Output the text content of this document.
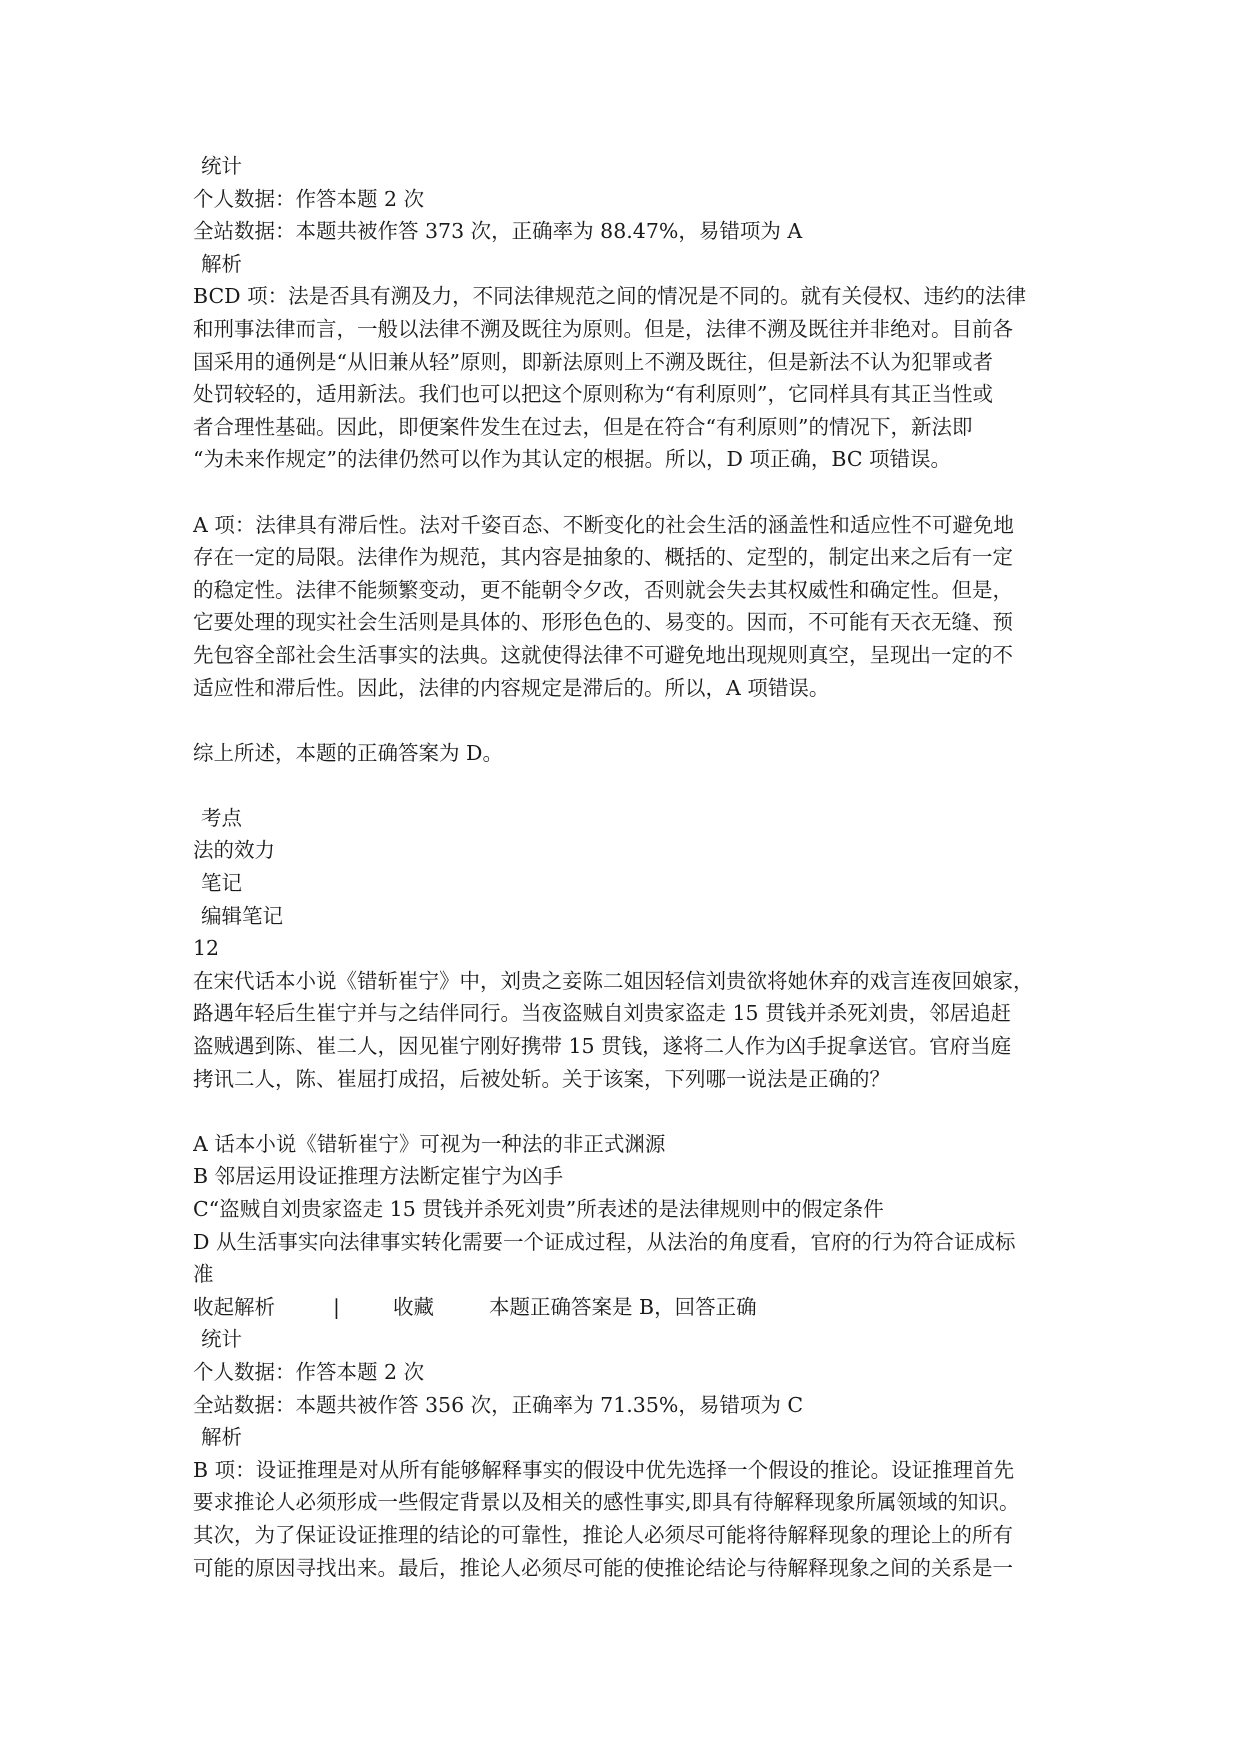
统计
个人数据：作答本题 2 次
全站数据：本题共被作答 373 次，正确率为 88.47%，易错项为 A
解析
BCD 项：法是否具有溯及力，不同法律规范之间的情况是不同的。就有关侵权、违约的法律
和刑事法律而言，一般以法律不溯及既往为原则。但是，法律不溯及既往并非绝对。目前各
国采用的通例是“从旧兼从轻”原则，即新法原则上不溯及既往，但是新法不认为犯罪或者
处罚较轻的，适用新法。我们也可以把这个原则称为“有利原则”，它同样具有其正当性或
者合理性基础。因此，即便案件发生在过去，但是在符合“有利原则”的情况下，新法即
“为未来作规定”的法律仍然可以作为其认定的根据。所以，D 项正确，BC 项错误。
A 项：法律具有滞后性。法对千姿百态、不断变化的社会生活的涵盖性和适应性不可避免地
存在一定的局限。法律作为规范，其内容是抽象的、概括的、定型的，制定出来之后有一定
的稳定性。法律不能频繁变动，更不能朝令夕改，否则就会失去其权威性和确定性。但是，
它要处理的现实社会生活则是具体的、形形色色的、易变的。因而，不可能有天衣无缝、预
先包容全部社会生活事实的法典。这就使得法律不可避免地出现规则真空，呈现出一定的不
适应性和滞后性。因此，法律的内容规定是滞后的。所以，A 项错误。
综上所述，本题的正确答案为 D。
考点
法的效力
笔记
编辑笔记
12
在宋代话本小说《错斩崔宁》中，刘贵之妾陈二姐因轻信刘贵欲将她休弃的戏言连夜回娘家，
路遇年轻后生崔宁并与之结伴同行。当夜盗贼自刘贵家盗走 15 贯钱并杀死刘贵，邻居追赶
盗贼遇到陈、崔二人，因见崔宁刚好携带 15 贯钱，遂将二人作为凶手捉拿送官。官府当庭
拷讯二人，陈、崔屈打成招，后被处斩。关于该案，下列哪一说法是正确的？
A 话本小说《错斩崔宁》可视为一种法的非正式渊源
B 邻居运用设证推理方法断定崔宁为凶手
C“盗贼自刘贵家盗走 15 贯钱并杀死刘贵”所表述的是法律规则中的假定条件
D 从生活事实向法律事实转化需要一个证成过程，从法治的角度看，官府的行为符合证成标
准
收起解析	|	收藏	本题正确答案是 B，回答正确
统计
个人数据：作答本题 2 次
全站数据：本题共被作答 356 次，正确率为 71.35%，易错项为 C
解析
B 项：设证推理是对从所有能够解释事实的假设中优先选择一个假设的推论。设证推理首先
要求推论人必须形成一些假定背景以及相关的感性事实,即具有待解释现象所属领域的知识。
其次，为了保证设证推理的结论的可靠性，推论人必须尽可能将待解释现象的理论上的所有
可能的原因寻找出来。最后，推论人必须尽可能的使推论结论与待解释现象之间的关系是一
